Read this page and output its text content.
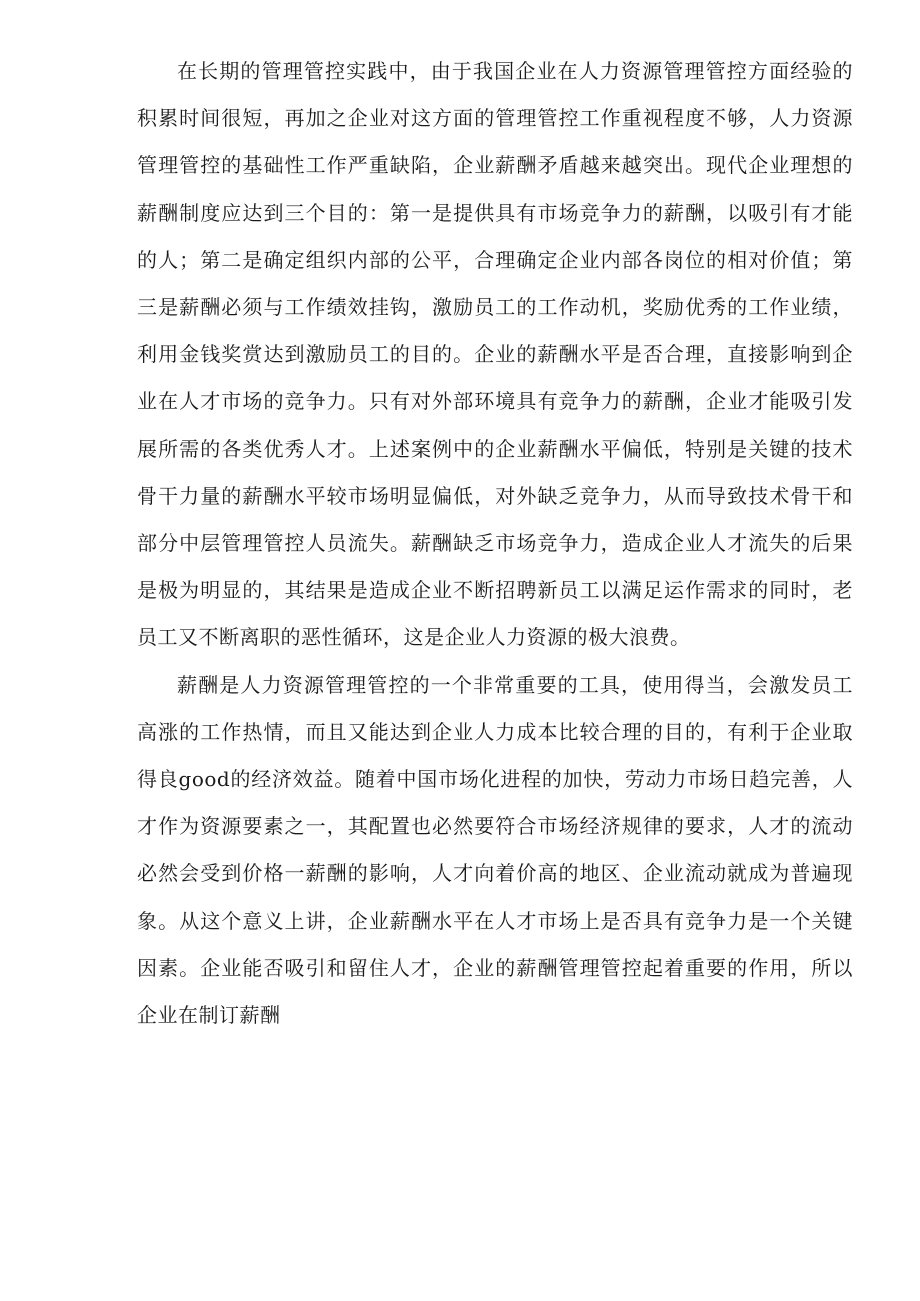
在长期的管理管控实践中，由于我国企业在人力资源管理管控方面经验的积累时间很短，再加之企业对这方面的管理管控工作重视程度不够，人力资源管理管控的基础性工作严重缺陷，企业薪酬矛盾越来越突出。现代企业理想的薪酬制度应达到三个目的：第一是提供具有市场竞争力的薪酬，以吸引有才能的人；第二是确定组织内部的公平，合理确定企业内部各岗位的相对价值；第三是薪酬必须与工作绩效挂钩，激励员工的工作动机，奖励优秀的工作业绩，利用金钱奖赏达到激励员工的目的。企业的薪酬水平是否合理，直接影响到企业在人才市场的竞争力。只有对外部环境具有竞争力的薪酬，企业才能吸引发展所需的各类优秀人才。上述案例中的企业薪酬水平偏低，特别是关键的技术骨干力量的薪酬水平较市场明显偏低，对外缺乏竞争力，从而导致技术骨干和部分中层管理管控人员流失。薪酬缺乏市场竞争力，造成企业人才流失的后果是极为明显的，其结果是造成企业不断招聘新员工以满足运作需求的同时，老员工又不断离职的恶性循环，这是企业人力资源的极大浪费。

薪酬是人力资源管理管控的一个非常重要的工具，使用得当，会激发员工高涨的工作热情，而且又能达到企业人力成本比较合理的目的，有利于企业取得良good的经济效益。随着中国市场化进程的加快，劳动力市场日趋完善，人才作为资源要素之一，其配置也必然要符合市场经济规律的要求，人才的流动必然会受到价格一薪酬的影响，人才向着价高的地区、企业流动就成为普遍现象。从这个意义上讲，企业薪酬水平在人才市场上是否具有竞争力是一个关键因素。企业能否吸引和留住人才，企业的薪酬管理管控起着重要的作用，所以企业在制订薪酬
